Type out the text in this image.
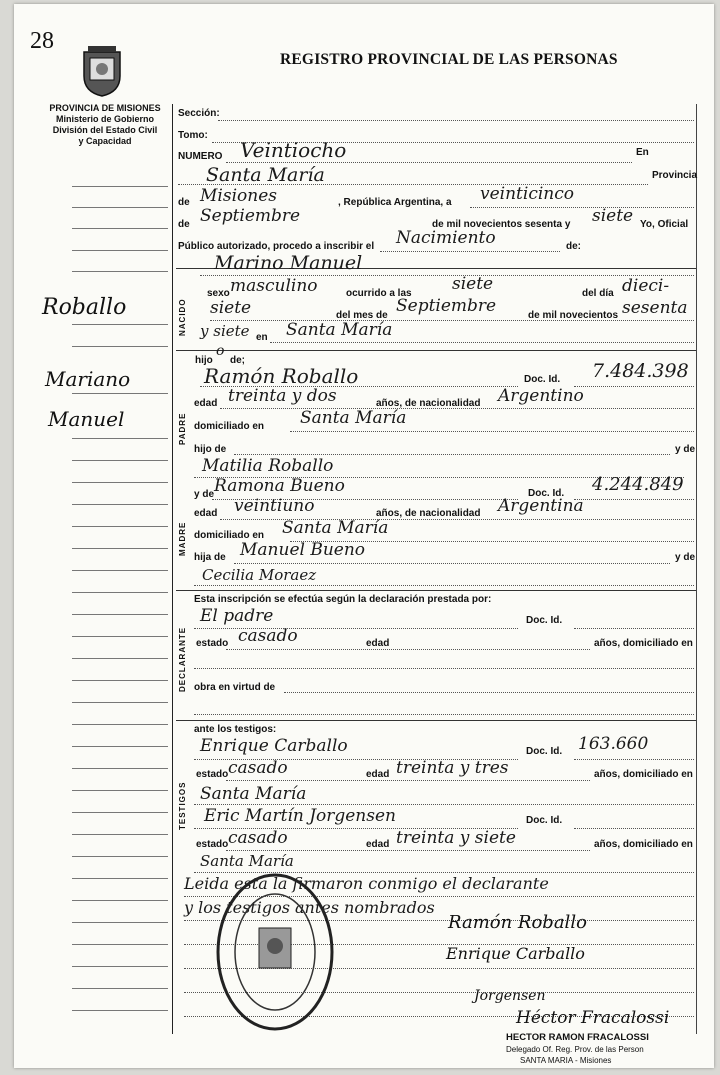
28
REGISTRO PROVINCIAL DE LAS PERSONAS
PROVINCIA DE MISIONES
Ministerio de Gobierno
División del Estado Civil
y Capacidad
Roballo
Mariano
Manuel
Sección:
Tomo:
NUMERO Veintiocho	En
Santa María	Provincia
de Misiones	, República Argentina, a veinticinco
de Septiembre	de mil novecientos sesenta y siete Yo, Oficial
Público autorizado, procedo a inscribir el Nacimiento	de:
NACIDO
Marino Manuel
sexo masculino	ocurrido a las siete	del día dieci-
siete	del mes de Septiembre	de mil novecientos sesenta
y siete en Santa María
PADRE
hijo
o
de;
Ramón Roballo	Doc. Id. 7.484.398
edad treinta y dos	años, de nacionalidad Argentino
domiciliado en Santa María
hijo de	y de
Matilia Roballo
y de Ramona Bueno	Doc. Id. 4.244.849
MADRE
edad veintiuno	años, de nacionalidad Argentina
domiciliado en Santa María
hija de Manuel Bueno	y de
Cecilia Moraez
Esta inscripción se efectúa según la declaración prestada por:
DECLARANTE
El padre	Doc. Id.
estado casado	edad	años, domiciliado en
obra en virtud de
ante los testigos:
TESTIGOS
Enrique Carballo	Doc. Id. 163.660
estado casado	edad treinta y tres	años, domiciliado en
Santa María
Eric Martín Jorgensen	Doc. Id.
estado casado	edad treinta y siete	años, domiciliado en
Santa María
Leida esta la firmaron conmigo el declarante
y los testigos antes nombrados
Ramón Roballo
Enrique Carballo
Jorgensen
Héctor Fracalossi
HECTOR RAMON FRACALOSSI
Delegado Of. Reg. Prov. de las Person
SANTA MARIA - Misiones
